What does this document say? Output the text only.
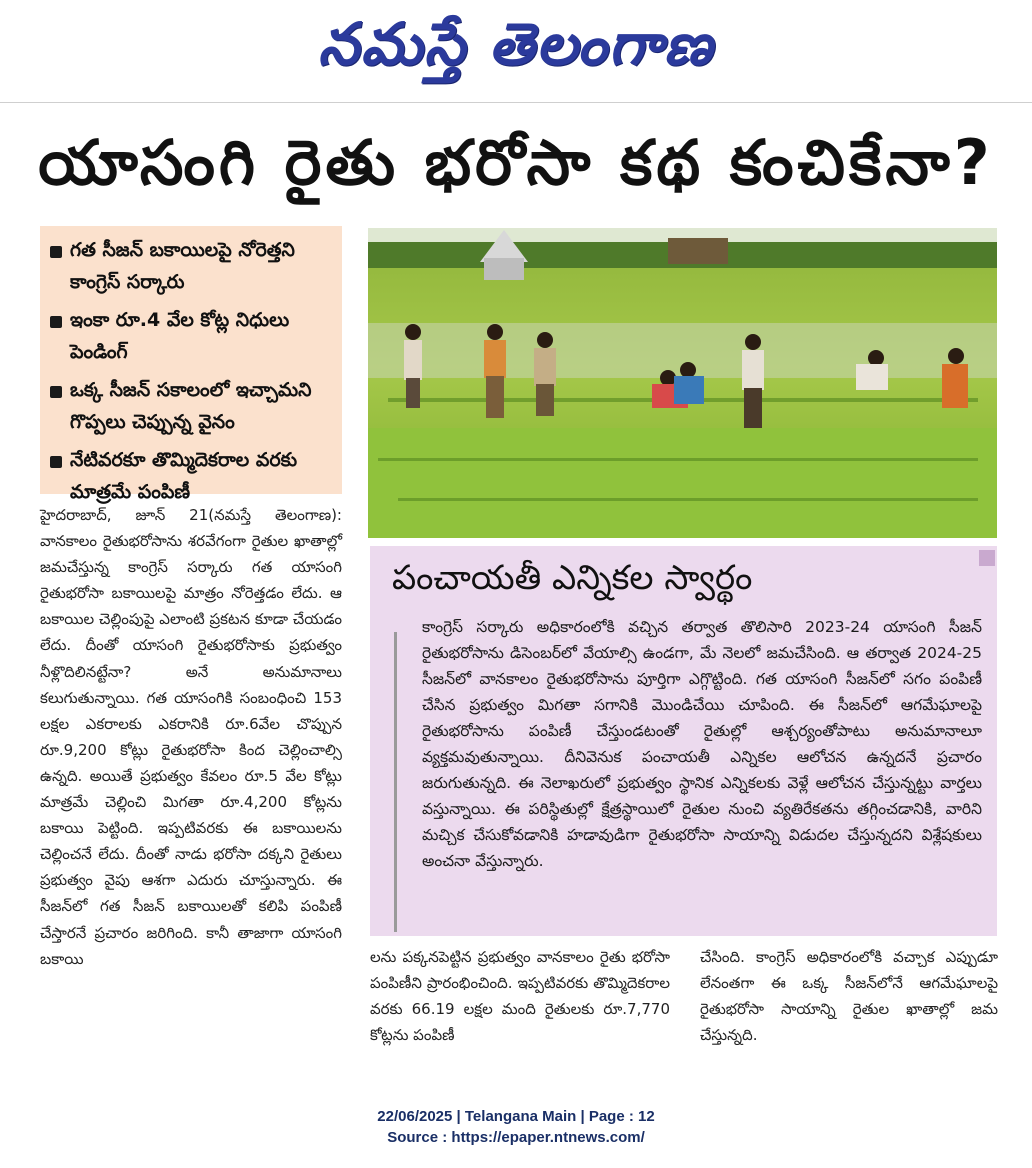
నమస్తే తెలంగాణ
యాసంగి రైతు భరోసా కథ కంచికేనా?
గత సీజన్ బకాయిలపై నోరెత్తని కాంగ్రెస్ సర్కారు
ఇంకా రూ.4 వేల కోట్ల నిధులు పెండింగ్
ఒక్క సీజన్ సకాలంలో ఇచ్చామని గొప్పలు చెప్పున్న వైనం
నేటివరకూ తొమ్మిదెకరాల వరకు మాత్రమే పంపిణీ
హైదరాబాద్, జూన్ 21(నమస్తే తెలంగాణ): వానకాలం రైతుభరోసాను శరవేగంగా రైతుల ఖాతాల్లో జమచేస్తున్న కాంగ్రెస్ సర్కారు గత యాసంగి రైతుభరోసా బకాయిలపై మాత్రం నోరెత్తడం లేదు. ఆ బకాయిల చెల్లింపుపై ఎలాంటి ప్రకటన కూడా చేయడం లేదు. దీంతో యాసంగి రైతుభరోసాకు ప్రభుత్వం నీళ్లొదిలినట్టేనా? అనే అనుమానాలు కలుగుతున్నాయి. గత యాసంగికి సంబంధించి 153 లక్షల ఎకరాలకు ఎకరానికి రూ.6వేల చొప్పున రూ.9,200 కోట్లు రైతుభరోసా కింద చెల్లించాల్సి ఉన్నది. అయితే ప్రభుత్వం కేవలం రూ.5 వేల కోట్లు మాత్రమే చెల్లించి మిగతా రూ.4,200 కోట్లను బకాయి పెట్టింది. ఇప్పటివరకు ఈ బకాయిలను చెల్లించనే లేదు. దీంతో నాడు భరోసా దక్కని రైతులు ప్రభుత్వం వైపు ఆశగా ఎదురు చూస్తున్నారు. ఈ సీజన్‌లో గత సీజన్ బకాయిలతో కలిపి పంపిణీ చేస్తారనే ప్రచారం జరిగింది. కానీ తాజాగా యాసంగి బకాయి
పంచాయతీ ఎన్నికల స్వార్థం
కాంగ్రెస్ సర్కారు అధికారంలోకి వచ్చిన తర్వాత తొలిసారి 2023-24 యాసంగి సీజన్ రైతుభరోసాను డిసెంబర్‌లో వేయాల్సి ఉండగా, మే నెలలో జమచేసింది. ఆ తర్వాత 2024-25 సీజన్‌లో వానకాలం రైతుభరోసాను పూర్తిగా ఎగ్గొట్టింది. గత యాసంగి సీజన్‌లో సగం పంపిణీ చేసిన ప్రభుత్వం మిగతా సగానికి మొండిచేయి చూపింది. ఈ సీజన్‌లో ఆగమేఘాలపై రైతుభరోసాను పంపిణీ చేస్తుండటంతో రైతుల్లో ఆశ్చర్యంతోపాటు అనుమానాలూ వ్యక్తమవుతున్నాయి. దీనివెనుక పంచాయతీ ఎన్నికల ఆలోచన ఉన్నదనే ప్రచారం జరుగుతున్నది. ఈ నెలాఖరులో ప్రభుత్వం స్థానిక ఎన్నికలకు వెళ్లే ఆలోచన చేస్తున్నట్టు వార్తలు వస్తున్నాయి. ఈ పరిస్థితుల్లో క్షేత్రస్థాయిలో రైతుల నుంచి వ్యతిరేకతను తగ్గించడానికి, వారిని మచ్చిక చేసుకోవడానికి హడావుడిగా రైతుభరోసా సాయాన్ని విడుదల చేస్తున్నదని విశ్లేషకులు అంచనా వేస్తున్నారు.
లను పక్కనపెట్టిన ప్రభుత్వం వానకాలం రైతు భరోసా పంపిణీని ప్రారంభించింది. ఇప్పటివరకు తొమ్మిదెకరాల వరకు 66.19 లక్షల మంది రైతులకు రూ.7,770 కోట్లను పంపిణీ
చేసింది. కాంగ్రెస్ అధికారంలోకి వచ్చాక ఎప్పుడూ లేనంతగా ఈ ఒక్క సీజన్‌లోనే ఆగమేఘాలపై రైతుభరోసా సాయాన్ని రైతుల ఖాతాల్లో జమ చేస్తున్నది.
22/06/2025 | Telangana Main | Page : 12
Source : https://epaper.ntnews.com/
